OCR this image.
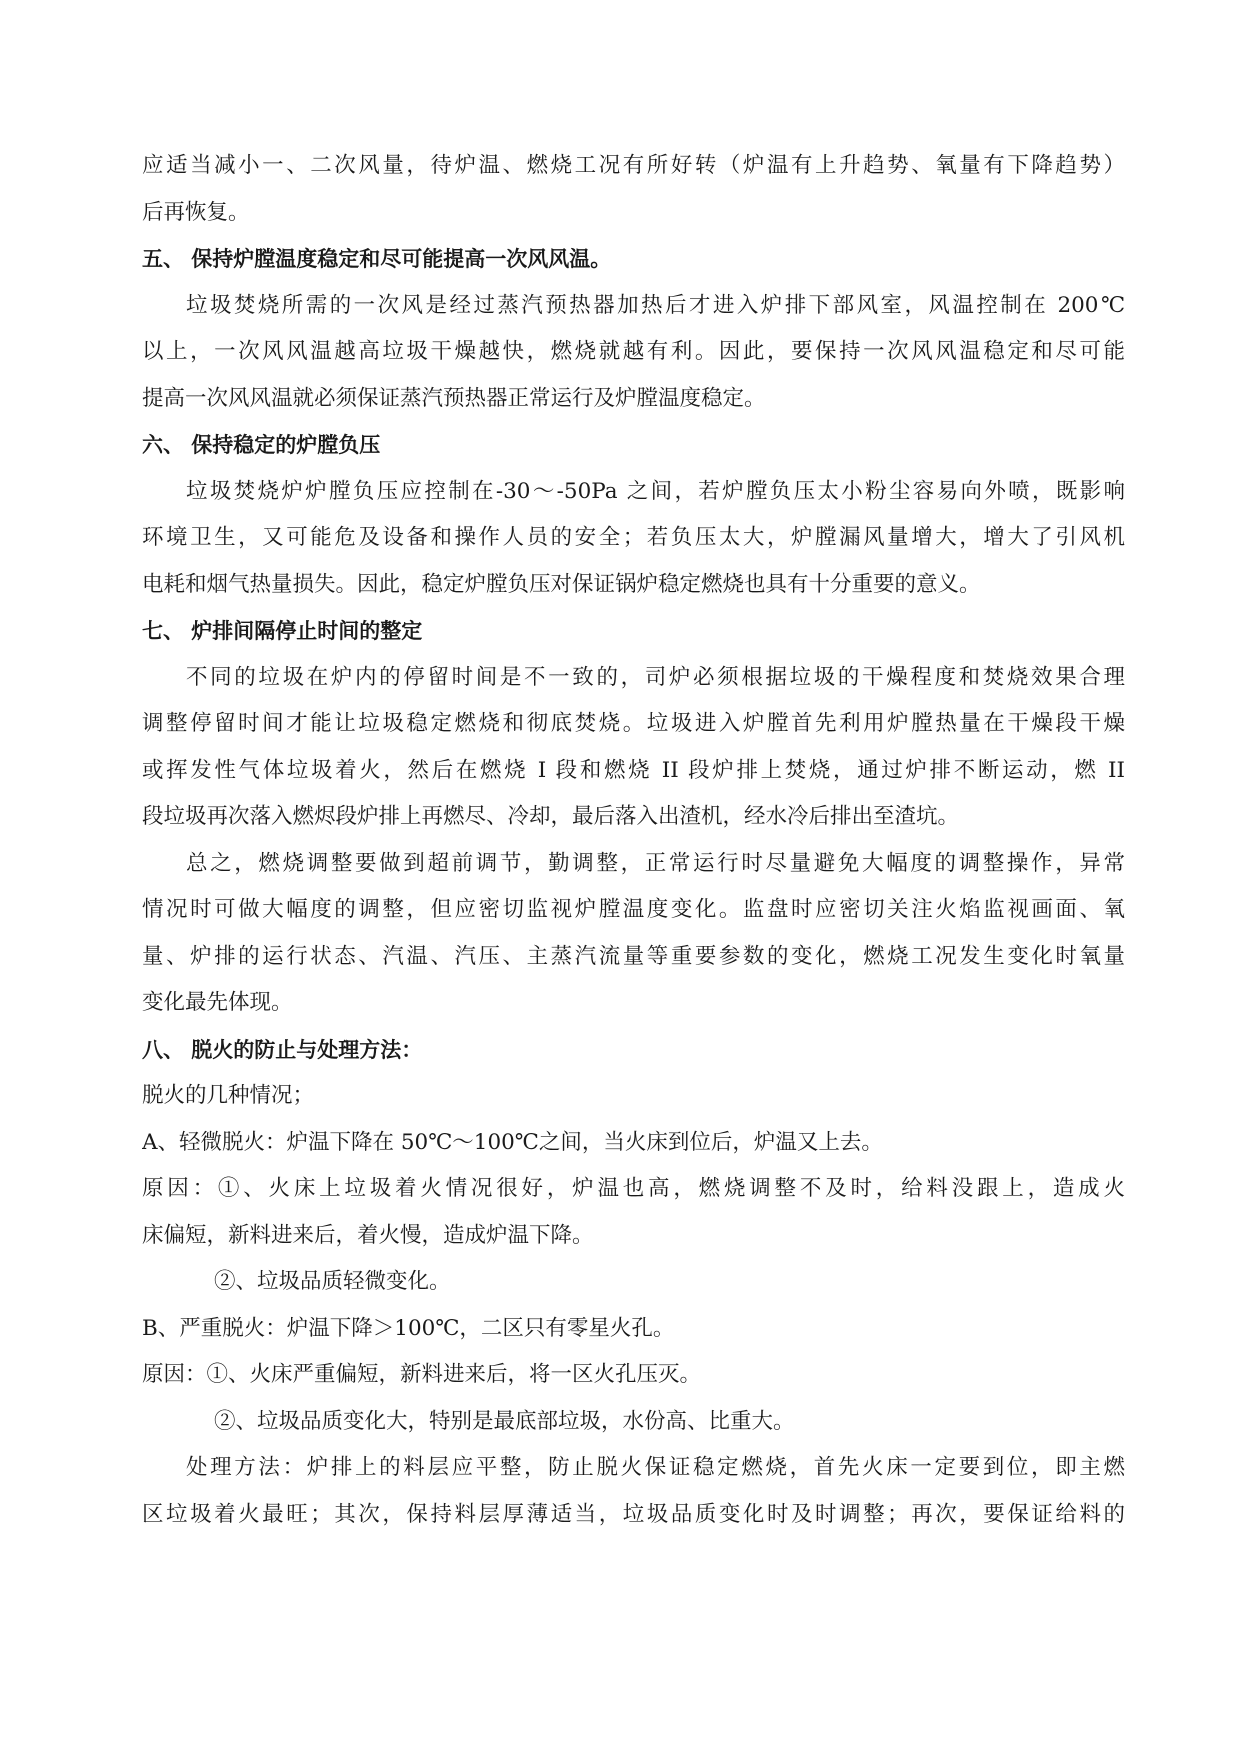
应适当减小一、二次风量，待炉温、燃烧工况有所好转（炉温有上升趋势、氧量有下降趋势）
后再恢复。
五、 保持炉膛温度稳定和尽可能提高一次风风温。
垃圾焚烧所需的一次风是经过蒸汽预热器加热后才进入炉排下部风室，风温控制在 200℃
以上，一次风风温越高垃圾干燥越快，燃烧就越有利。因此，要保持一次风风温稳定和尽可能
提高一次风风温就必须保证蒸汽预热器正常运行及炉膛温度稳定。
六、 保持稳定的炉膛负压
垃圾焚烧炉炉膛负压应控制在-30～-50Pa 之间，若炉膛负压太小粉尘容易向外喷，既影响
环境卫生，又可能危及设备和操作人员的安全；若负压太大，炉膛漏风量增大，增大了引风机
电耗和烟气热量损失。因此，稳定炉膛负压对保证锅炉稳定燃烧也具有十分重要的意义。
七、 炉排间隔停止时间的整定
不同的垃圾在炉内的停留时间是不一致的，司炉必须根据垃圾的干燥程度和焚烧效果合理
调整停留时间才能让垃圾稳定燃烧和彻底焚烧。垃圾进入炉膛首先利用炉膛热量在干燥段干燥
或挥发性气体垃圾着火，然后在燃烧 I 段和燃烧 II 段炉排上焚烧，通过炉排不断运动，燃 II
段垃圾再次落入燃烬段炉排上再燃尽、冷却，最后落入出渣机，经水冷后排出至渣坑。
总之，燃烧调整要做到超前调节，勤调整，正常运行时尽量避免大幅度的调整操作，异常
情况时可做大幅度的调整，但应密切监视炉膛温度变化。监盘时应密切关注火焰监视画面、氧
量、炉排的运行状态、汽温、汽压、主蒸汽流量等重要参数的变化，燃烧工况发生变化时氧量
变化最先体现。
八、 脱火的防止与处理方法：
脱火的几种情况；
A、轻微脱火：炉温下降在 50℃～100℃之间，当火床到位后，炉温又上去。
原因：①、火床上垃圾着火情况很好，炉温也高，燃烧调整不及时，给料没跟上，造成火
床偏短，新料进来后，着火慢，造成炉温下降。
②、垃圾品质轻微变化。
B、严重脱火：炉温下降＞100℃，二区只有零星火孔。
原因：①、火床严重偏短，新料进来后，将一区火孔压灭。
②、垃圾品质变化大，特别是最底部垃圾，水份高、比重大。
处理方法：炉排上的料层应平整，防止脱火保证稳定燃烧，首先火床一定要到位，即主燃
区垃圾着火最旺；其次，保持料层厚薄适当，垃圾品质变化时及时调整；再次，要保证给料的
